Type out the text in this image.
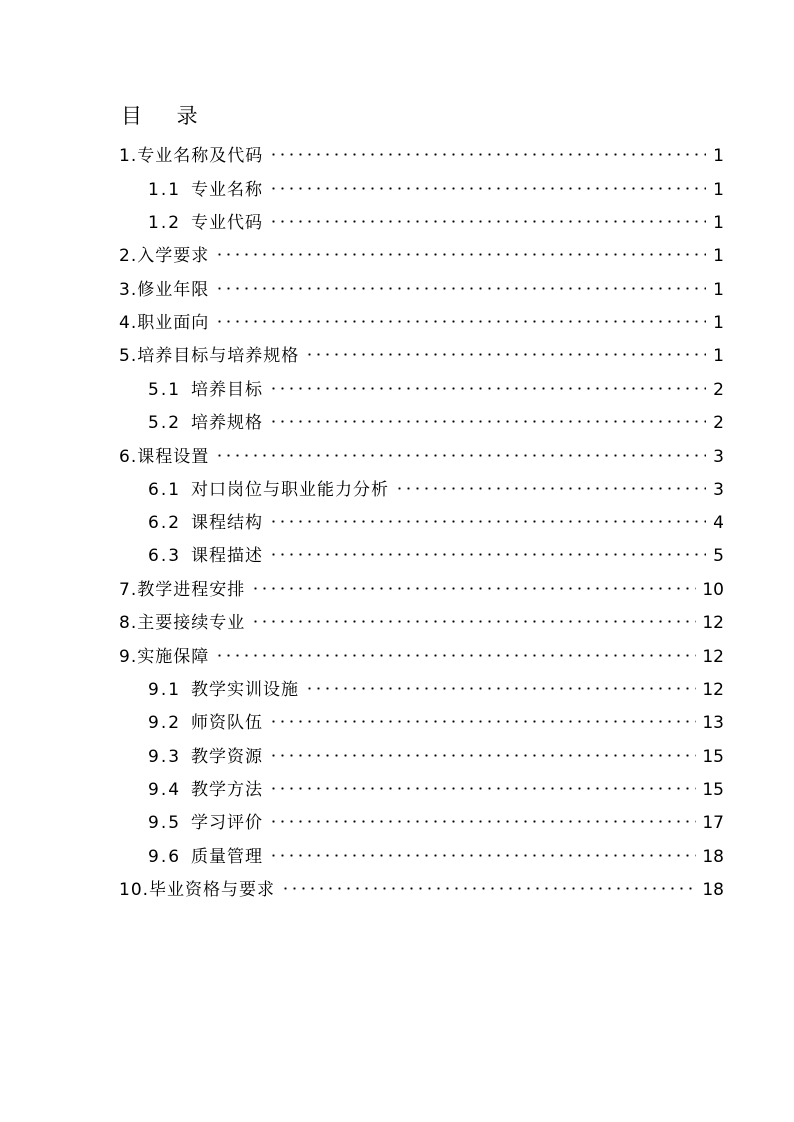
目 录
1. 专业名称及代码	1
1.1 专业名称	1
1.2 专业代码	1
2. 入学要求	1
3. 修业年限	1
4. 职业面向	1
5. 培养目标与培养规格	1
5.1 培养目标	2
5.2 培养规格	2
6. 课程设置	3
6.1 对口岗位与职业能力分析	3
6.2 课程结构	4
6.3 课程描述	5
7. 教学进程安排	10
8. 主要接续专业	12
9. 实施保障	12
9.1 教学实训设施	12
9.2 师资队伍	13
9.3 教学资源	15
9.4 教学方法	15
9.5 学习评价	17
9.6 质量管理	18
10. 毕业资格与要求	18
